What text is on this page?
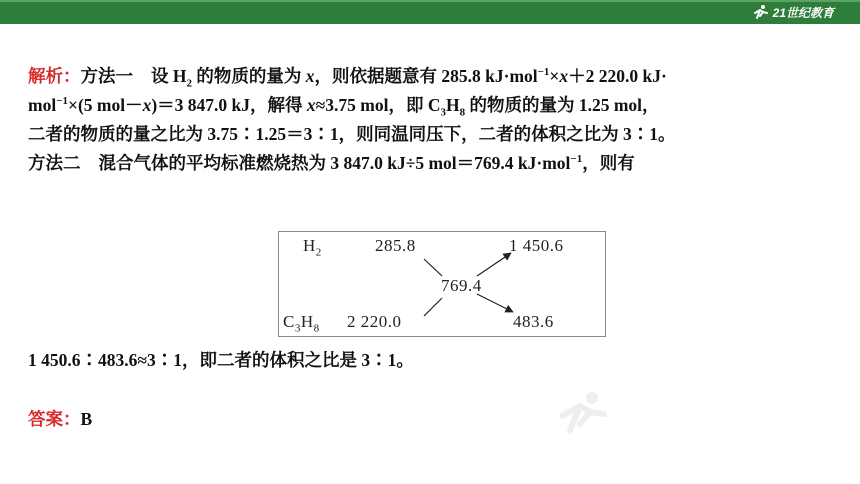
21世纪教育
解析：方法一 设 $H_2$ 的物质的量为 x，则依据题意有 285.8 kJ·mol$^{-1}$×x＋2 220.0 kJ·
mol$^{-1}$×(5 mol－x)＝3 847.0 kJ，解得 x≈3.75 mol，即 $C_3H_8$ 的物质的量为 1.25 mol，
二者的物质的量之比为 3.75∶1.25＝3∶1，则同温同压下，二者的体积之比为 3∶1。
方法二 混合气体的平均标准燃烧热为 3 847.0 kJ÷5 mol＝769.4 kJ·mol$^{-1}$，则有
$H_2$	285.8	1 450.6
769.4
$C_3H_8$ 2 220.0	483.6
1 450.6∶483.6≈3∶1，即二者的体积之比是 3∶1。
答案：B
